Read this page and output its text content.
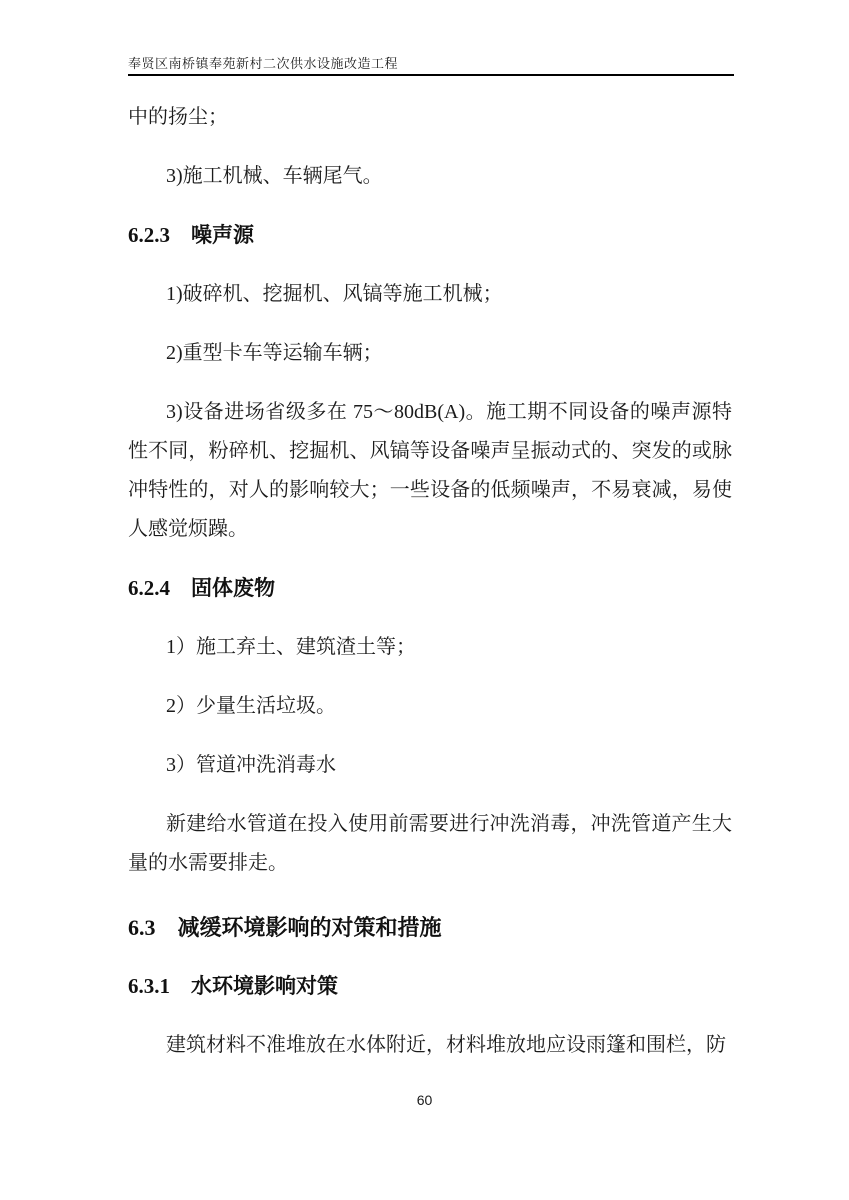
奉贤区南桥镇奉苑新村二次供水设施改造工程

中的扬尘；

3)施工机械、车辆尾气。

6.2.3　噪声源

1)破碎机、挖掘机、风镐等施工机械；

2)重型卡车等运输车辆；

3)设备进场省级多在 75～80dB(A)。施工期不同设备的噪声源特性不同，粉碎机、挖掘机、风镐等设备噪声呈振动式的、突发的或脉冲特性的，对人的影响较大；一些设备的低频噪声，不易衰减，易使人感觉烦躁。

6.2.4　固体废物

1）施工弃土、建筑渣土等；

2）少量生活垃圾。

3）管道冲洗消毒水

新建给水管道在投入使用前需要进行冲洗消毒，冲洗管道产生大量的水需要排走。

6.3　减缓环境影响的对策和措施
6.3.1　水环境影响对策

建筑材料不准堆放在水体附近，材料堆放地应设雨篷和围栏，防

60
